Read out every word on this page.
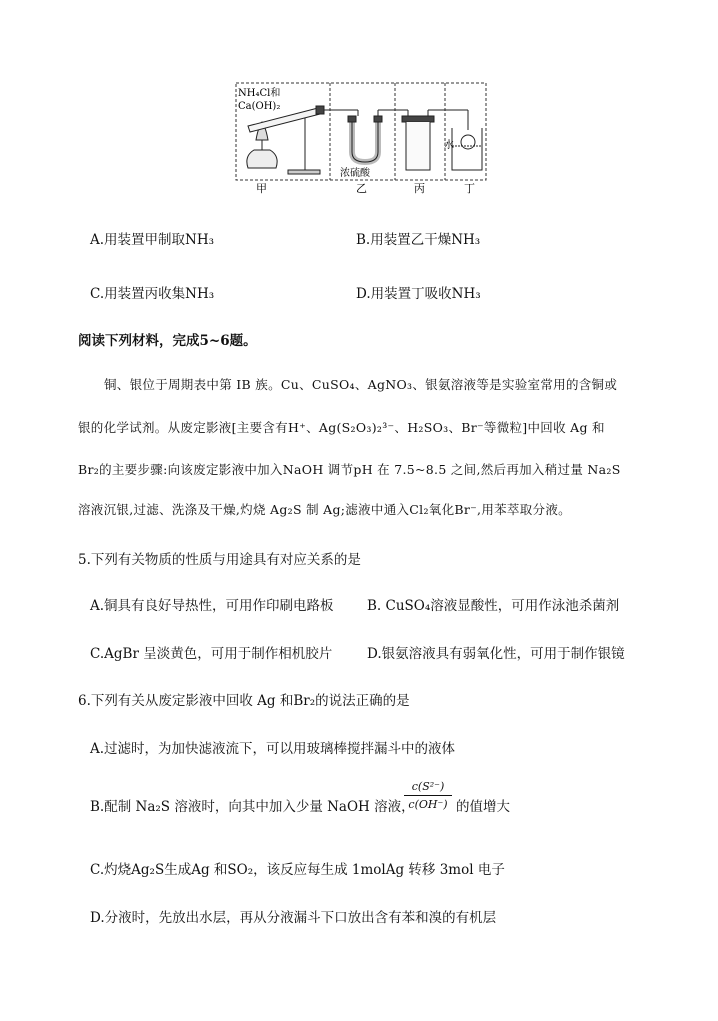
NH₄Cl和
Ca(OH)₂
浓硫酸
水
甲	乙	丙	丁
A.用装置甲制取NH₃	B.用装置乙干燥NH₃
C.用装置丙收集NH₃	D.用装置丁吸收NH₃
阅读下列材料，完成5~6题。
铜、银位于周期表中第 IB 族。Cu、CuSO₄、AgNO₃、银氨溶液等是实验室常用的含铜或
银的化学试剂。从废定影液[主要含有H⁺、Ag(S₂O₃)₂³⁻、H₂SO₃、Br⁻等微粒]中回收 Ag 和
Br₂的主要步骤:向该废定影液中加入NaOH 调节pH 在 7.5~8.5 之间,然后再加入稍过量 Na₂S
溶液沉银,过滤、洗涤及干燥,灼烧 Ag₂S 制 Ag;滤液中通入Cl₂氧化Br⁻,用苯萃取分液。
5.下列有关物质的性质与用途具有对应关系的是
A.铜具有良好导热性，可用作印刷电路板 B. CuSO₄溶液显酸性，可用作泳池杀菌剂
C.AgBr 呈淡黄色，可用于制作相机胶片	D.银氨溶液具有弱氧化性，可用于制作银镜
6.下列有关从废定影液中回收 Ag 和Br₂的说法正确的是
A.过滤时，为加快滤液流下，可以用玻璃棒搅拌漏斗中的液体
B.配制 Na₂S 溶液时，向其中加入少量 NaOH 溶液，
c(S²⁻)
c(OH⁻) 的值增大
C.灼烧Ag₂S生成Ag 和SO₂，该反应每生成 1molAg 转移 3mol 电子
D.分液时，先放出水层，再从分液漏斗下口放出含有苯和溴的有机层
